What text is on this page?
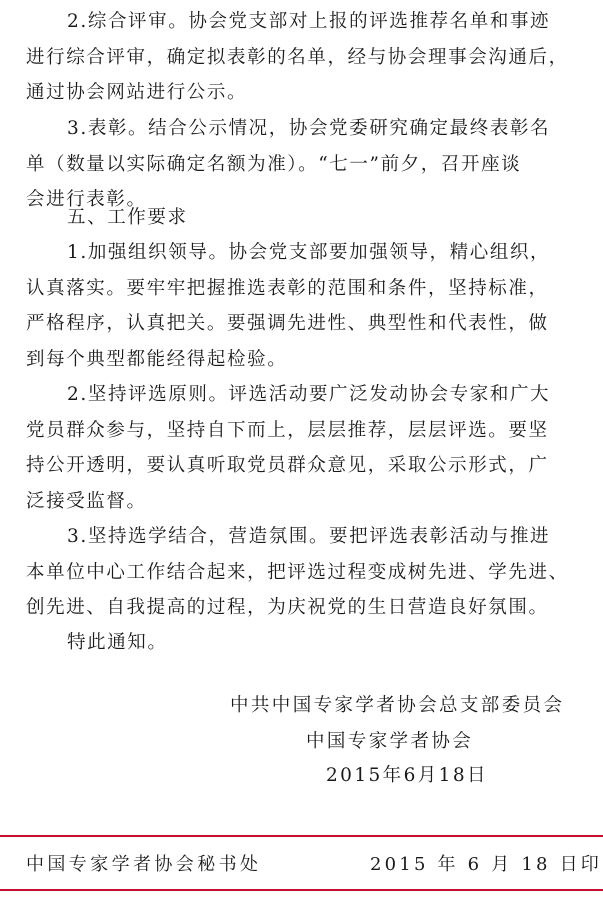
2.综合评审。协会党支部对上报的评选推荐名单和事迹
进行综合评审，确定拟表彰的名单，经与协会理事会沟通后，
通过协会网站进行公示。
3.表彰。结合公示情况，协会党委研究确定最终表彰名
单（数量以实际确定名额为准）。“七一”前夕，召开座谈
会进行表彰。
五、工作要求
1.加强组织领导。协会党支部要加强领导，精心组织，
认真落实。要牢牢把握推选表彰的范围和条件，坚持标准，
严格程序，认真把关。要强调先进性、典型性和代表性，做
到每个典型都能经得起检验。
2.坚持评选原则。评选活动要广泛发动协会专家和广大
党员群众参与，坚持自下而上，层层推荐，层层评选。要坚
持公开透明，要认真听取党员群众意见，采取公示形式，广
泛接受监督。
3.坚持选学结合，营造氛围。要把评选表彰活动与推进
本单位中心工作结合起来，把评选过程变成树先进、学先进、
创先进、自我提高的过程，为庆祝党的生日营造良好氛围。
特此通知。
中共中国专家学者协会总支部委员会
中国专家学者协会
2015年6月18日
中国专家学者协会秘书处	2015 年 6 月 18 日印
